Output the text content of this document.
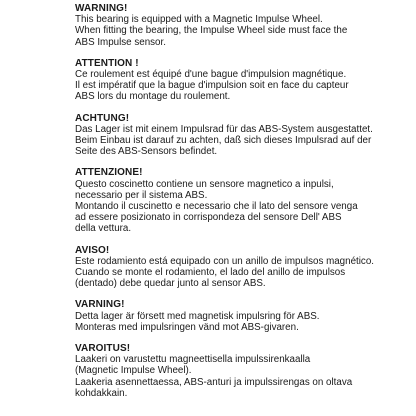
WARNING!
This bearing is equipped with a Magnetic Impulse Wheel.
When fitting the bearing, the Impulse Wheel side must face the
ABS Impulse sensor.
ATTENTION !
Ce roulement est équipé d'une bague d'impulsion magnétique.
Il est impératif que la bague d'impulsion soit en face du capteur
ABS lors du montage du roulement.
ACHTUNG!
Das Lager ist mit einem Impulsrad für das ABS-System ausgestattet.
Beim Einbau ist darauf zu achten, daß sich dieses Impulsrad auf der
Seite des ABS-Sensors befindet.
ATTENZIONE!
Questo coscinetto contiene un sensore magnetico a inpulsi,
necessario per il sistema ABS.
Montando il cuscinetto e necessario che il lato del sensore venga
ad essere posizionato in corrispondeza del sensore Dell' ABS
della vettura.
AVISO!
Este rodamiento está equipado con un anillo de impulsos magnético.
Cuando se monte el rodamiento, el lado del anillo de impulsos
(dentado) debe quedar junto al sensor ABS.
VARNING!
Detta lager är försett med magnetisk impulsring för ABS.
Monteras med impulsringen vänd mot ABS-givaren.
VAROITUS!
Laakeri on varustettu magneettisella impulssirenkaalla
(Magnetic Impulse Wheel).
Laakeria asennettaessa, ABS-anturi ja impulssirengas on oltava
kohdakkain.
